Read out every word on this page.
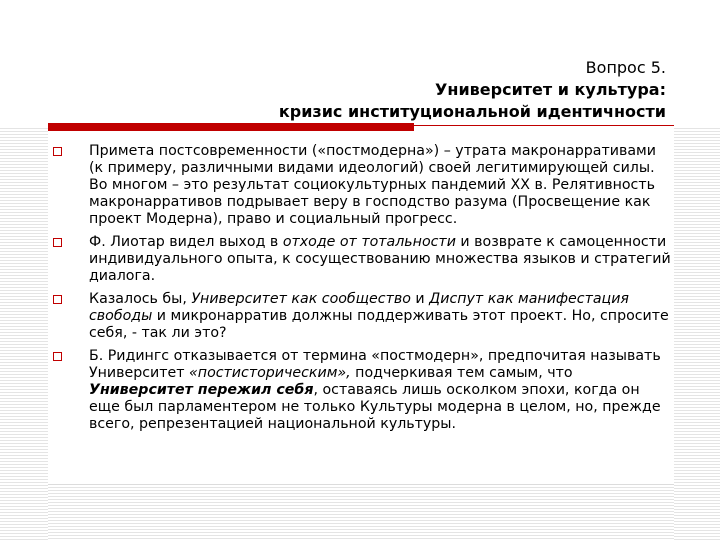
Вопрос 5.
Университет и культура:
кризис институциональной идентичности
Примета постсовременности («постмодерна») – утрата макронарративами (к примеру, различными видами идеологий) своей легитимирующей силы. Во многом – это результат социокультурных пандемий ХХ в. Релятивность макронарративов подрывает веру в господство разума (Просвещение как проект Модерна), право и социальный прогресс.
Ф. Лиотар видел выход в отходе от тотальности и возврате к самоценности индивидуального опыта, к сосуществованию множества языков и стратегий диалога.
Казалось бы, Университет как сообщество и Диспут как манифестация свободы и микронарратив должны поддерживать этот проект. Но, спросите себя, - так ли это?
Б. Ридингс отказывается от термина «постмодерн», предпочитая называть Университет «постисторическим», подчеркивая тем самым, что Университет пережил себя, оставаясь лишь осколком эпохи, когда он еще был парламентером не только Культуры модерна в целом, но, прежде всего, репрезентацией национальной культуры.
